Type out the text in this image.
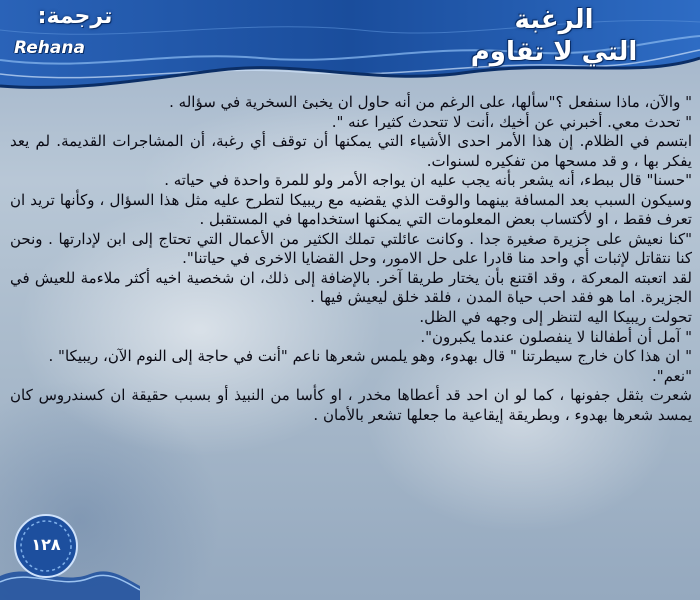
الرغبة
التي لا تقاوم
ترجمة:
Rehana

" والآن، ماذا سنفعل ؟"سألها، على الرغم من أنه حاول ان يخبئ السخرية في سؤاله .

" تحدث معي. أخبرني عن أخيك ،أنت لا تتحدث كثيرا عنه ".

ابتسم في الظلام. إن هذا الأمر احدى الأشياء التي يمكنها أن توقف أي رغبة، أن المشاجرات القديمة. لم يعد يفكر بها ، و قد مسحها من تفكيره لسنوات.

"حسنا" قال ببطء، أنه يشعر بأنه يجب عليه ان يواجه الأمر ولو للمرة واحدة في حياته .

وسيكون السبب بعد المسافة بينهما والوقت الذي يقضيه مع ريبيكا لتطرح عليه مثل هذا السؤال ، وكأنها تريد ان تعرف فقط ، او لأكتساب بعض المعلومات التي يمكنها استخدامها في المستقبل .

"كنا نعيش على جزيرة صغيرة جدا . وكانت عائلتي تملك الكثير من الأعمال التي تحتاج إلى ابن لإدارتها . ونحن كنا نتقاتل لإثبات أي واحد منا قادرا على حل الامور، وحل القضايا الاخرى في حياتنا".

لقد اتعبته المعركة ، وقد اقتنع بأن يختار طريقا آخر. بالإضافة إلى ذلك، ان شخصية اخيه أكثر ملاءمة للعيش في الجزيرة. اما هو فقد احب حياة المدن ، فلقد خلق ليعيش فيها .

تحولت ريبيكا اليه لتنظر إلى وجهه في الظل.

" آمل أن أطفالنا لا ينفصلون عندما يكبرون".

" ان هذا كان خارج سيطرتنا " قال بهدوء، وهو يلمس شعرها ناعم "أنت في حاجة إلى النوم الآن، ريبيكا" .

"نعم".

شعرت بثقل جفونها ، كما لو ان احد قد أعطاها مخدر ، او كأسا من النبيذ أو بسبب حقيقة ان كسندروس كان يمسد شعرها بهدوء ، وبطريقة إيقاعية ما جعلها تشعر بالأمان .

١٢٨
